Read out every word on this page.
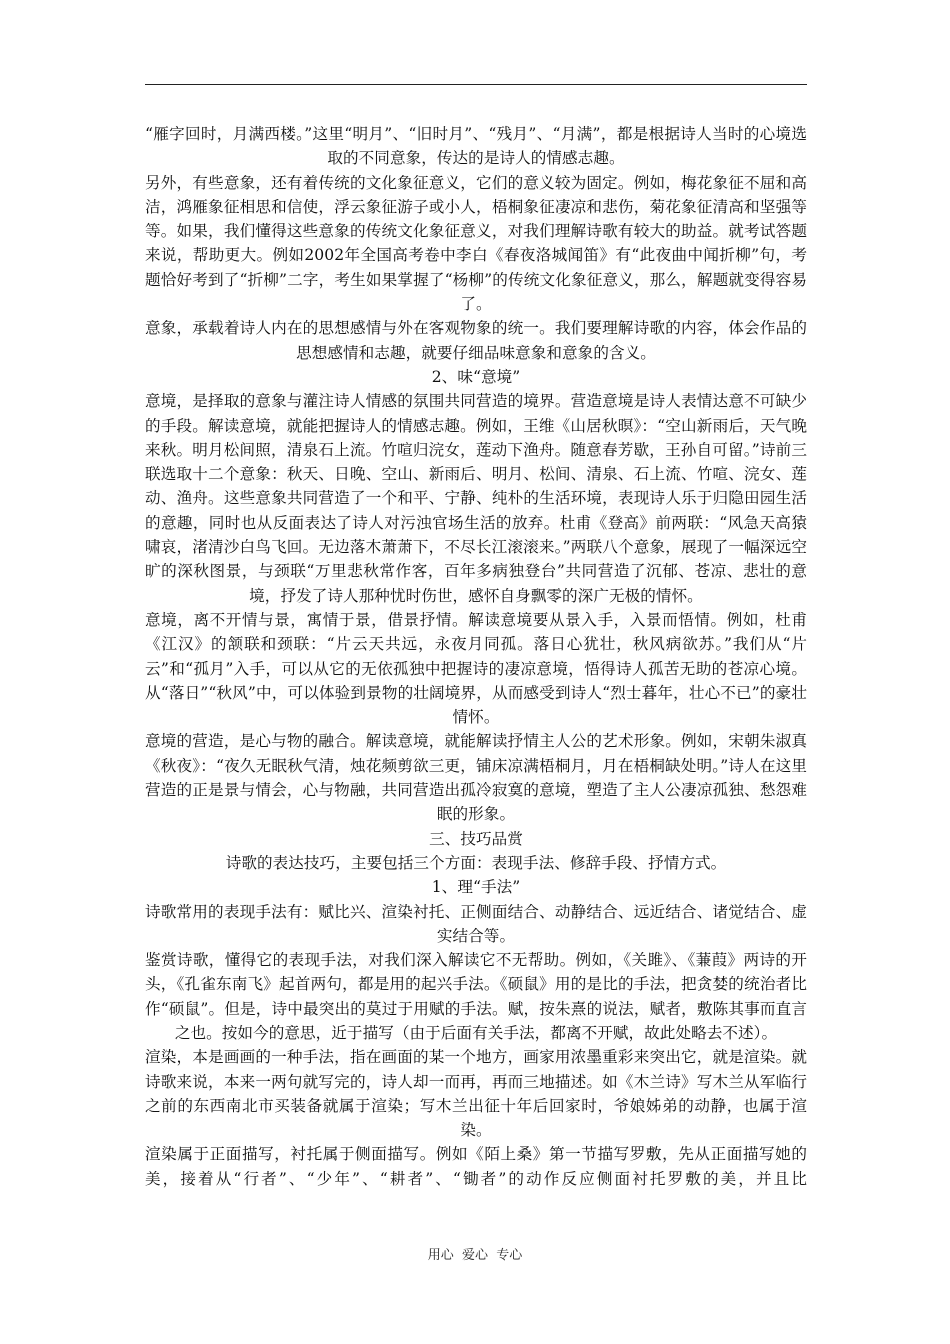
“雁字回时，月满西楼。”这里“明月”、“旧时月”、“残月”、“月满”，都是根据诗人当时的心境选取的不同意象，传达的是诗人的情感志趣。

另外，有些意象，还有着传统的文化象征意义，它们的意义较为固定。例如，梅花象征不屈和高洁，鸿雁象征相思和信使，浮云象征游子或小人，梧桐象征凄凉和悲伤，菊花象征清高和坚强等等。如果，我们懂得这些意象的传统文化象征意义，对我们理解诗歌有较大的助益。就考试答题来说，帮助更大。例如2002年全国高考卷中李白《春夜洛城闻笛》有“此夜曲中闻折柳”句，考题恰好考到了“折柳”二字，考生如果掌握了“杨柳”的传统文化象征意义，那么，解题就变得容易了。

意象，承载着诗人内在的思想感情与外在客观物象的统一。我们要理解诗歌的内容，体会作品的思想感情和志趣，就要仔细品味意象和意象的含义。

2、味“意境”

意境，是择取的意象与灌注诗人情感的氛围共同营造的境界。营造意境是诗人表情达意不可缺少的手段。解读意境，就能把握诗人的情感志趣。例如，王维《山居秋暝》：“空山新雨后，天气晚来秋。明月松间照，清泉石上流。竹喧归浣女，莲动下渔舟。随意春芳歇，王孙自可留。”诗前三联选取十二个意象：秋天、日晚、空山、新雨后、明月、松间、清泉、石上流、竹喧、浣女、莲动、渔舟。这些意象共同营造了一个和平、宁静、纯朴的生活环境，表现诗人乐于归隐田园生活的意趣，同时也从反面表达了诗人对污浊官场生活的放弃。杜甫《登高》前两联：“风急天高猿啸哀，渚清沙白鸟飞回。无边落木萧萧下，不尽长江滚滚来。”两联八个意象，展现了一幅深远空旷的深秋图景，与颈联“万里悲秋常作客，百年多病独登台”共同营造了沉郁、苍凉、悲壮的意境，抒发了诗人那种忧时伤世，感怀自身飘零的深广无极的情怀。

意境，离不开情与景，寓情于景，借景抒情。解读意境要从景入手，入景而悟情。例如，杜甫《江汉》的颔联和颈联：“片云天共远，永夜月同孤。落日心犹壮，秋风病欲苏。”我们从“片云”和“孤月”入手，可以从它的无依孤独中把握诗的凄凉意境，悟得诗人孤苦无助的苍凉心境。从“落日”“秋风”中，可以体验到景物的壮阔境界，从而感受到诗人“烈士暮年，壮心不已”的豪壮情怀。

意境的营造，是心与物的融合。解读意境，就能解读抒情主人公的艺术形象。例如，宋朝朱淑真《秋夜》：“夜久无眠秋气清，烛花频剪欲三更，铺床凉满梧桐月，月在梧桐缺处明。”诗人在这里营造的正是景与情会，心与物融，共同营造出孤冷寂寞的意境，塑造了主人公凄凉孤独、愁怨难眠的形象。

三、技巧品赏

诗歌的表达技巧，主要包括三个方面：表现手法、修辞手段、抒情方式。

1、理“手法”

诗歌常用的表现手法有：赋比兴、渲染衬托、正侧面结合、动静结合、远近结合、诸觉结合、虚实结合等。

鉴赏诗歌，懂得它的表现手法，对我们深入解读它不无帮助。例如，《关雎》、《蒹葭》两诗的开头，《孔雀东南飞》起首两句，都是用的起兴手法。《硕鼠》用的是比的手法，把贪婪的统治者比作“硕鼠”。但是，诗中最突出的莫过于用赋的手法。赋，按朱熹的说法，赋者，敷陈其事而直言之也。按如今的意思，近于描写（由于后面有关手法，都离不开赋，故此处略去不述）。

渲染，本是画画的一种手法，指在画面的某一个地方，画家用浓墨重彩来突出它，就是渲染。就诗歌来说，本来一两句就写完的，诗人却一而再，再而三地描述。如《木兰诗》写木兰从军临行之前的东西南北市买装备就属于渲染；写木兰出征十年后回家时，爷娘姊弟的动静，也属于渲染。

渲染属于正面描写，衬托属于侧面描写。例如《陌上桑》第一节描写罗敷，先从正面描写她的美，接着从“行者”、“少年”、“耕者”、“锄者”的动作反应侧面衬托罗敷的美，并且比

用心  爱心  专心
